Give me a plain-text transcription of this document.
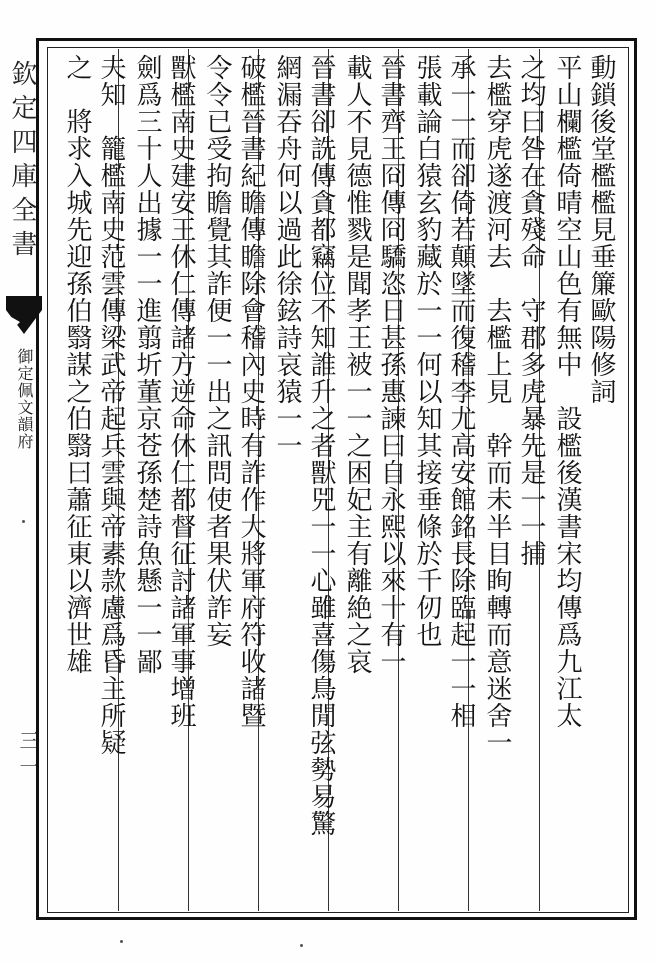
欽定四庫全書
御定佩文韻府
三一
動鎖後堂檻檻見垂簾歐陽修詞
平山欄檻倚晴空山色有無中　設檻後漢書宋均傳爲九江太
之均曰咎在貪殘命　守郡多虎暴先是一一捕
去檻穿虎遂渡河去　去檻上見　幹而未半目眴轉而意迷舍一
承一一而卻倚若顛墜而復稽李尤高安館銘長除臨起一一相
張載論白猿玄豹藏於一一何以知其接垂條於千仞也
晉書齊王冏傳冏驕恣日甚孫惠諫曰自永熙以來十有一
載人不見德惟戮是聞孝王被一一之困妃主有離絶之哀
晉書卻詵傳貪都竊位不知誰升之者獸兕一一心雖喜傷鳥閒弦勢易驚
網漏吞舟何以過此徐鉉詩哀猿一一
破檻晉書紀瞻傳瞻除會稽內史時有詐作大將軍府符收諸暨
令令已受拘瞻覺其詐便一一出之訊問使者果伏詐妄
獸檻南史建安王休仁傳諸方逆命休仁都督征討諸軍事增班
劍爲三十人出據一一進翦圻董京苍孫楚詩魚懸一一鄙
夫知　籠檻南史范雲傳梁武帝起兵雲與帝素款慮爲昏主所疑
之　將求入城先迎孫伯翳謀之伯翳曰蕭征東以濟世雄
